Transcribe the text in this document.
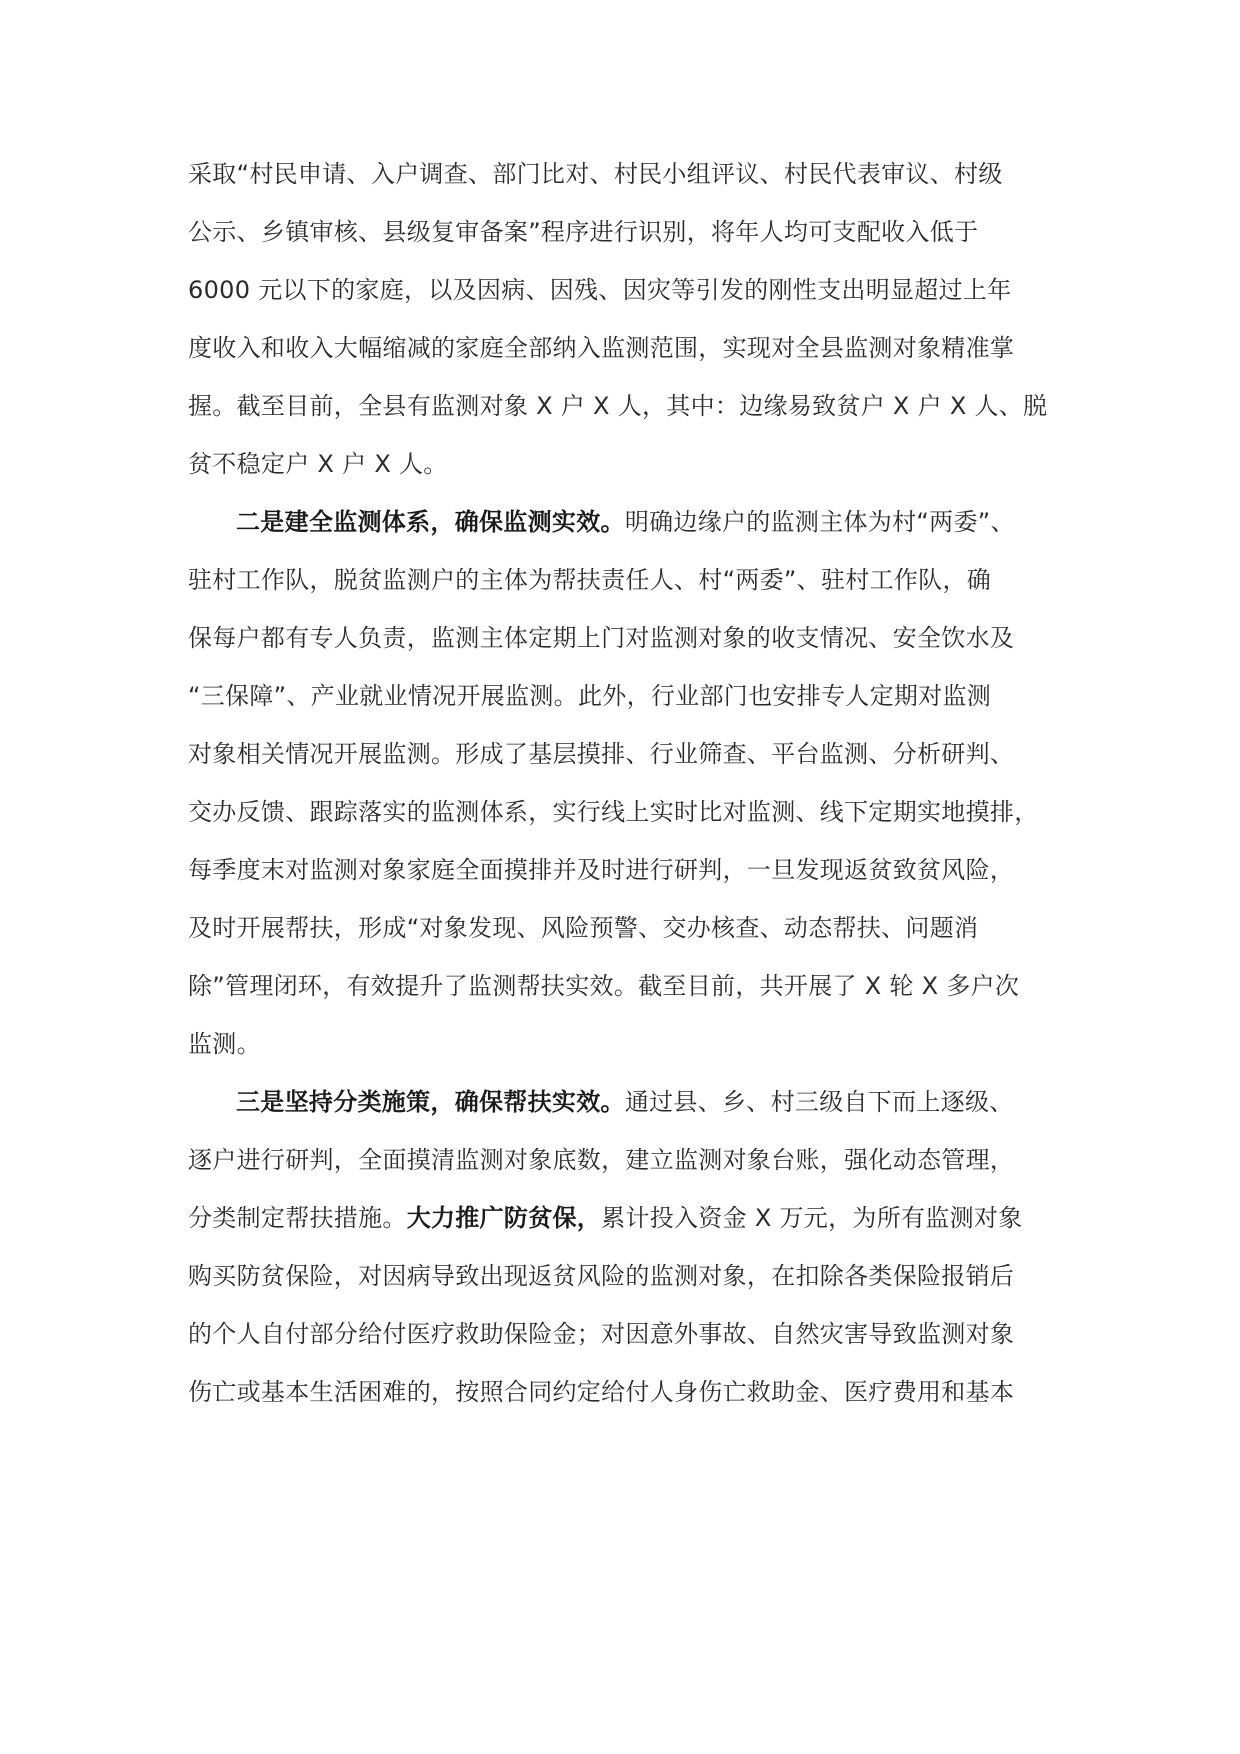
采取“村民申请、入户调查、部门比对、村民小组评议、村民代表审议、村级
公示、乡镇审核、县级复审备案”程序进行识别，将年人均可支配收入低于
6000 元以下的家庭，以及因病、因残、因灾等引发的刚性支出明显超过上年
度收入和收入大幅缩减的家庭全部纳入监测范围，实现对全县监测对象精准掌
握。截至目前，全县有监测对象 X 户 X 人，其中：边缘易致贫户 X 户 X 人、脱
贫不稳定户 X 户 X 人。
二是建全监测体系，确保监测实效。明确边缘户的监测主体为村“两委”、
驻村工作队，脱贫监测户的主体为帮扶责任人、村“两委”、驻村工作队，确
保每户都有专人负责，监测主体定期上门对监测对象的收支情况、安全饮水及
“三保障”、产业就业情况开展监测。此外，行业部门也安排专人定期对监测
对象相关情况开展监测。形成了基层摸排、行业筛查、平台监测、分析研判、
交办反馈、跟踪落实的监测体系，实行线上实时比对监测、线下定期实地摸排，
每季度末对监测对象家庭全面摸排并及时进行研判，一旦发现返贫致贫风险，
及时开展帮扶，形成“对象发现、风险预警、交办核查、动态帮扶、问题消
除”管理闭环，有效提升了监测帮扶实效。截至目前，共开展了 X 轮 X 多户次
监测。
三是坚持分类施策，确保帮扶实效。通过县、乡、村三级自下而上逐级、
逐户进行研判，全面摸清监测对象底数，建立监测对象台账，强化动态管理，
分类制定帮扶措施。大力推广防贫保，累计投入资金 X 万元，为所有监测对象
购买防贫保险，对因病导致出现返贫风险的监测对象，在扣除各类保险报销后
的个人自付部分给付医疗救助保险金；对因意外事故、自然灾害导致监测对象
伤亡或基本生活困难的，按照合同约定给付人身伤亡救助金、医疗费用和基本
